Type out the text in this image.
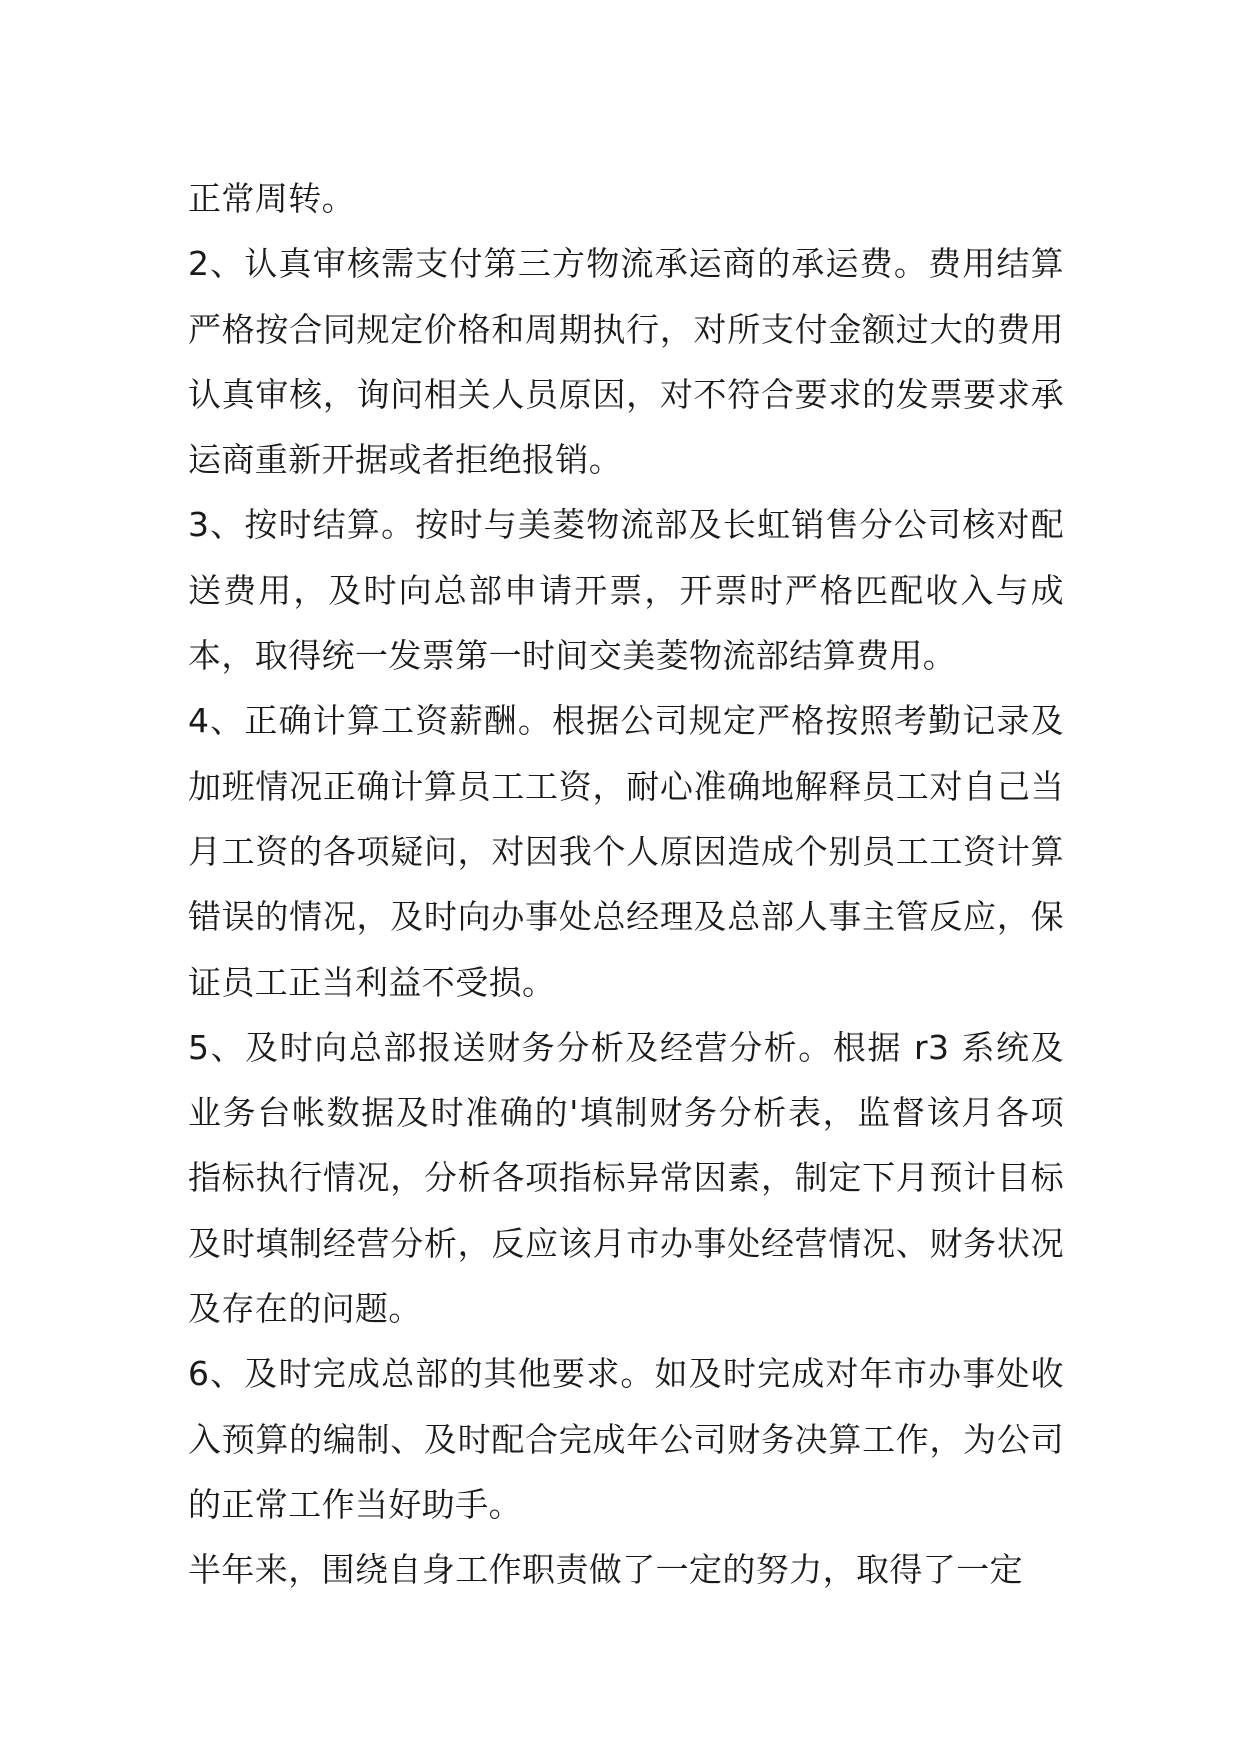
正常周转。

2、认真审核需支付第三方物流承运商的承运费。费用结算严格按合同规定价格和周期执行，对所支付金额过大的费用认真审核，询问相关人员原因，对不符合要求的发票要求承运商重新开据或者拒绝报销。

3、按时结算。按时与美菱物流部及长虹销售分公司核对配送费用，及时向总部申请开票，开票时严格匹配收入与成本，取得统一发票第一时间交美菱物流部结算费用。

4、正确计算工资薪酬。根据公司规定严格按照考勤记录及加班情况正确计算员工工资，耐心准确地解释员工对自己当月工资的各项疑问，对因我个人原因造成个别员工工资计算错误的情况，及时向办事处总经理及总部人事主管反应，保证员工正当利益不受损。

5、及时向总部报送财务分析及经营分析。根据 r3 系统及业务台帐数据及时准确的'填制财务分析表，监督该月各项指标执行情况，分析各项指标异常因素，制定下月预计目标及时填制经营分析，反应该月市办事处经营情况、财务状况及存在的问题。

6、及时完成总部的其他要求。如及时完成对年市办事处收入预算的编制、及时配合完成年公司财务决算工作，为公司的正常工作当好助手。

半年来，围绕自身工作职责做了一定的努力，取得了一定
